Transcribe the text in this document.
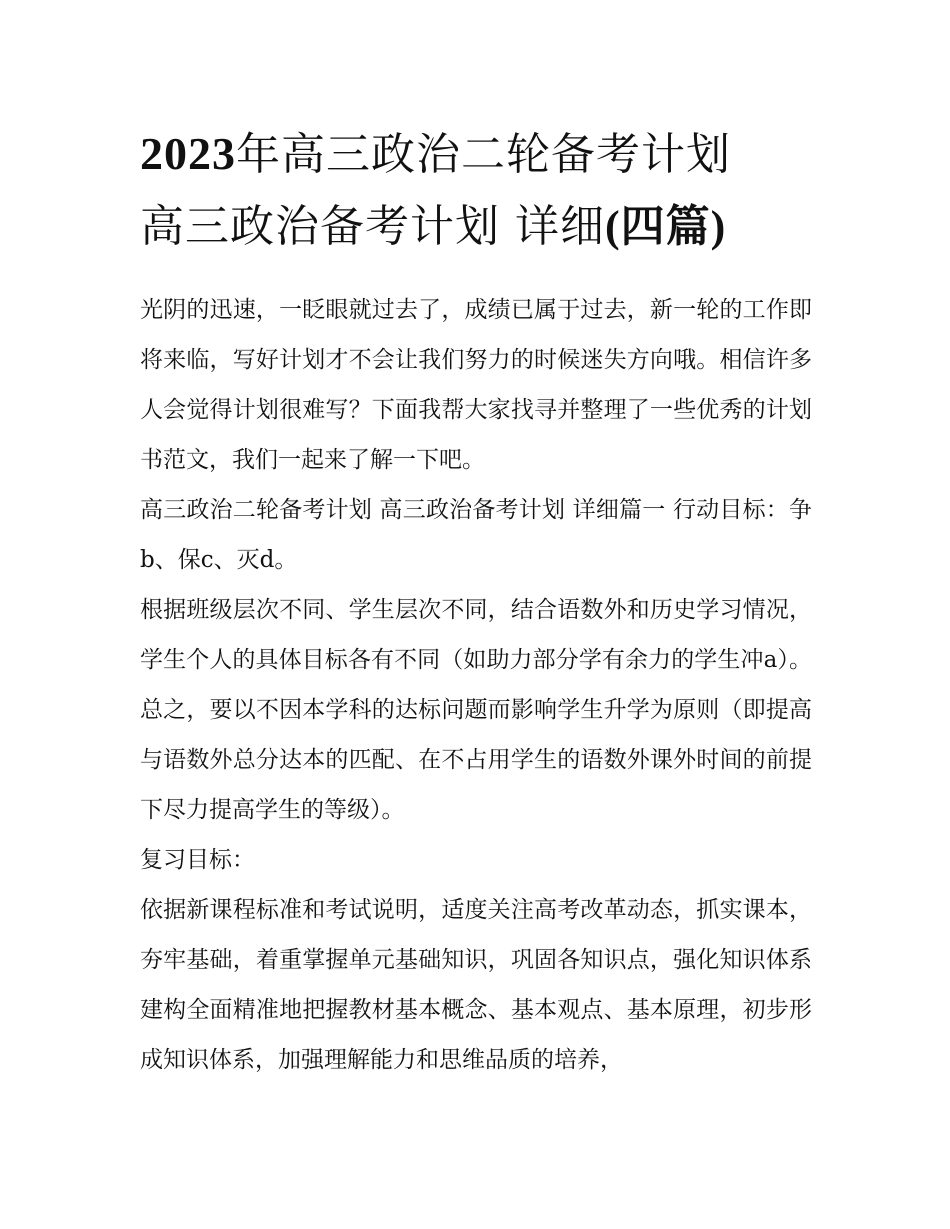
2023年高三政治二轮备考计划
高三政治备考计划 详细(四篇)

光阴的迅速，一眨眼就过去了，成绩已属于过去，新一轮的工作即将来临，写好计划才不会让我们努力的时候迷失方向哦。相信许多人会觉得计划很难写？下面我帮大家找寻并整理了一些优秀的计划书范文，我们一起来了解一下吧。

高三政治二轮备考计划 高三政治备考计划 详细篇一 行动目标：争b、保c、灭d。

根据班级层次不同、学生层次不同，结合语数外和历史学习情况，学生个人的具体目标各有不同（如助力部分学有余力的学生冲a）。总之，要以不因本学科的达标问题而影响学生升学为原则（即提高与语数外总分达本的匹配、在不占用学生的语数外课外时间的前提下尽力提高学生的等级）。

复习目标：

依据新课程标准和考试说明，适度关注高考改革动态，抓实课本，夯牢基础，着重掌握单元基础知识，巩固各知识点，强化知识体系建构全面精准地把握教材基本概念、基本观点、基本原理，初步形成知识体系，加强理解能力和思维品质的培养，
